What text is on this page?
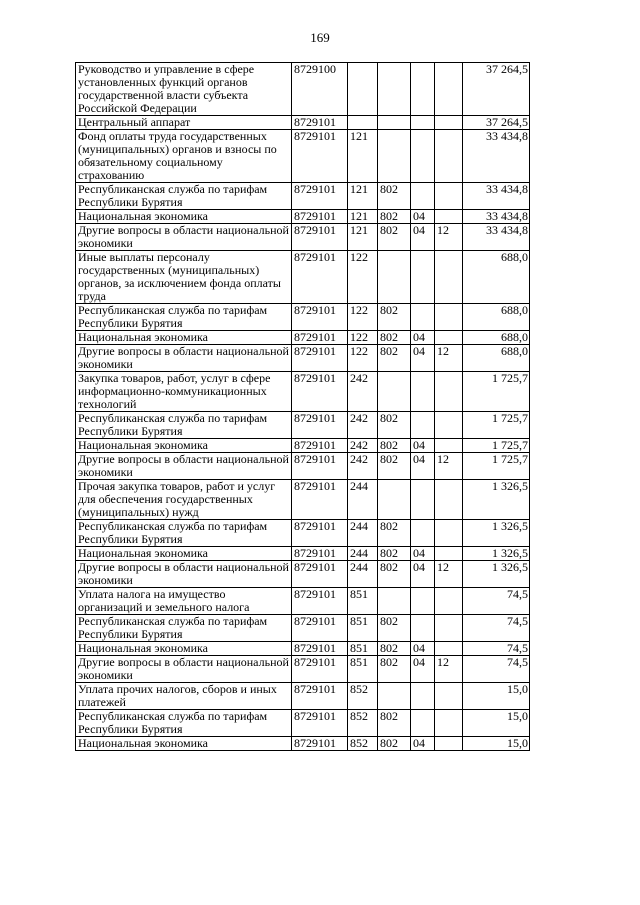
169
Руководство и управление в сфере установленных функций органов государственной власти субъекта Российской Федерации	8729100					37 264,5
Центральный аппарат	8729101					37 264,5
Фонд оплаты труда государственных (муниципальных) органов и взносы по обязательному социальному страхованию	8729101	121				33 434,8
Республиканская служба по тарифам Республики Бурятия	8729101	121	802			33 434,8
Национальная экономика	8729101	121	802	04		33 434,8
Другие вопросы в области национальной экономики	8729101	121	802	04	12	33 434,8
Иные выплаты персоналу государственных (муниципальных) органов, за исключением фонда оплаты труда	8729101	122				688,0
Республиканская служба по тарифам Республики Бурятия	8729101	122	802			688,0
Национальная экономика	8729101	122	802	04		688,0
Другие вопросы в области национальной экономики	8729101	122	802	04	12	688,0
Закупка товаров, работ, услуг в сфере информационно-коммуникационных технологий	8729101	242				1 725,7
Республиканская служба по тарифам Республики Бурятия	8729101	242	802			1 725,7
Национальная экономика	8729101	242	802	04		1 725,7
Другие вопросы в области национальной экономики	8729101	242	802	04	12	1 725,7
Прочая закупка товаров, работ и услуг для обеспечения государственных (муниципальных) нужд	8729101	244				1 326,5
Республиканская служба по тарифам Республики Бурятия	8729101	244	802			1 326,5
Национальная экономика	8729101	244	802	04		1 326,5
Другие вопросы в области национальной экономики	8729101	244	802	04	12	1 326,5
Уплата налога на имущество организаций и земельного налога	8729101	851				74,5
Республиканская служба по тарифам Республики Бурятия	8729101	851	802			74,5
Национальная экономика	8729101	851	802	04		74,5
Другие вопросы в области национальной экономики	8729101	851	802	04	12	74,5
Уплата прочих налогов, сборов и иных платежей	8729101	852				15,0
Республиканская служба по тарифам Республики Бурятия	8729101	852	802			15,0
Национальная экономика	8729101	852	802	04		15,0
